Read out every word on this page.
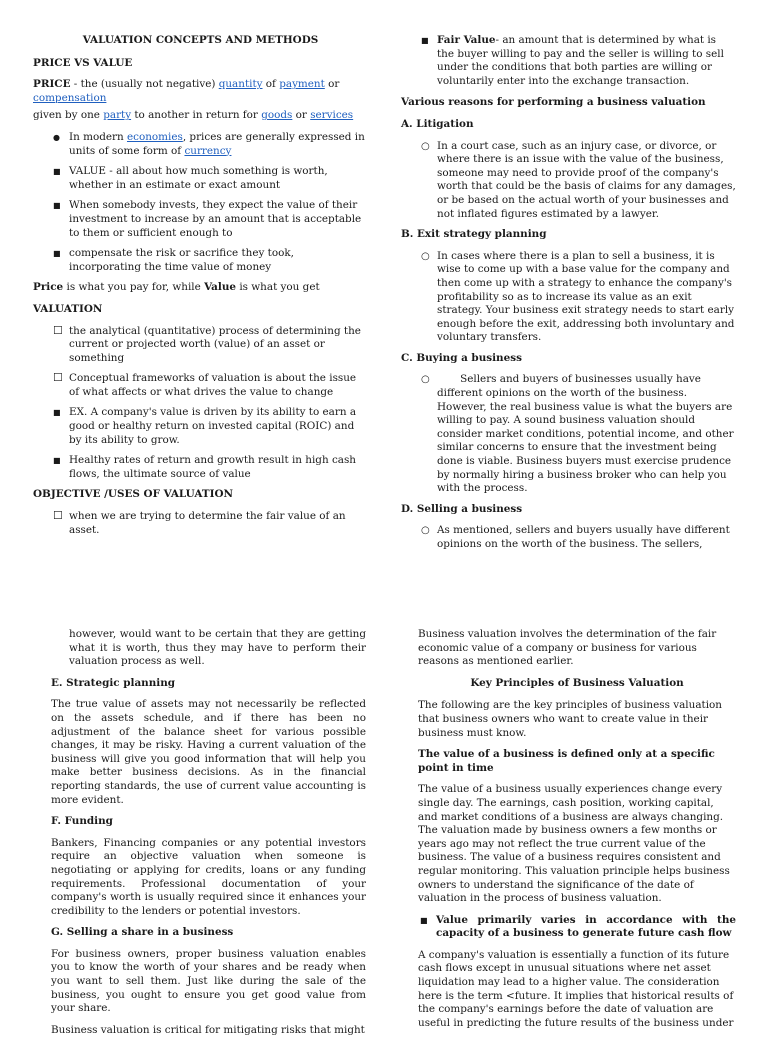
VALUATION CONCEPTS AND METHODS
PRICE VS VALUE

PRICE - the (usually not negative) quantity of payment or compensation

given by one party to another in return for goods or services

● In modern economies, prices are generally expressed in units of some form of currency
■ VALUE - all about how much something is worth, whether in an estimate or exact amount
■ When somebody invests, they expect the value of their investment to increase by an amount that is acceptable to them or sufficient enough to
■ compensate the risk or sacrifice they took, incorporating the time value of money

Price is what you pay for, while Value is what you get

VALUATION
☐ the analytical (quantitative) process of determining the current or projected worth (value) of an asset or something
☐ Conceptual frameworks of valuation is about the issue of what affects or what drives the value to change
■ EX. A company's value is driven by its ability to earn a good or healthy return on invested capital (ROIC) and by its ability to grow.
■ Healthy rates of return and growth result in high cash flows, the ultimate source of value
OBJECTIVE /USES OF VALUATION
☐ when we are trying to determine the fair value of an asset.
■ Fair Value- an amount that is determined by what is the buyer willing to pay and the seller is willing to sell under the conditions that both parties are willing or voluntarily enter into the exchange transaction.
Various reasons for performing a business valuation
A. Litigation
○ In a court case, such as an injury case, or divorce, or where there is an issue with the value of the business, someone may need to provide proof of the company's worth that could be the basis of claims for any damages, or be based on the actual worth of your businesses and not inflated figures estimated by a lawyer.
B. Exit strategy planning
○ In cases where there is a plan to sell a business, it is wise to come up with a base value for the company and then come up with a strategy to enhance the company's profitability so as to increase its value as an exit strategy. Your business exit strategy needs to start early enough before the exit, addressing both involuntary and voluntary transfers.
C. Buying a business
○ Sellers and buyers of businesses usually have different opinions on the worth of the business. However, the real business value is what the buyers are willing to pay. A sound business valuation should consider market conditions, potential income, and other similar concerns to ensure that the investment being done is viable. Business buyers must exercise prudence by normally hiring a business broker who can help you with the process.
D. Selling a business
○ As mentioned, sellers and buyers usually have different opinions on the worth of the business. The sellers,

however, would want to be certain that they are getting what it is worth, thus they may have to perform their valuation process as well.

E. Strategic planning

The true value of assets may not necessarily be reflected on the assets schedule, and if there has been no adjustment of the balance sheet for various possible changes, it may be risky. Having a current valuation of the business will give you good information that will help you make better business decisions. As in the financial reporting standards, the use of current value accounting is more evident.

F. Funding

Bankers, Financing companies or any potential investors require an objective valuation when someone is negotiating or applying for credits, loans or any funding requirements. Professional documentation of your company's worth is usually required since it enhances your credibility to the lenders or potential investors.

G. Selling a share in a business

For business owners, proper business valuation enables you to know the worth of your shares and be ready when you want to sell them. Just like during the sale of the business, you ought to ensure you get good value from your share.

Business valuation is critical for mitigating risks that might

Business valuation involves the determination of the fair economic value of a company or business for various reasons as mentioned earlier.

Key Principles of Business Valuation

The following are the key principles of business valuation that business owners who want to create value in their business must know.

The value of a business is defined only at a specific point in time

The value of a business usually experiences change every single day. The earnings, cash position, working capital, and market conditions of a business are always changing. The valuation made by business owners a few months or years ago may not reflect the true current value of the business. The value of a business requires consistent and regular monitoring. This valuation principle helps business owners to understand the significance of the date of valuation in the process of business valuation.

■ Value primarily varies in accordance with the capacity of a business to generate future cash flow

A company's valuation is essentially a function of its future cash flows except in unusual situations where net asset liquidation may lead to a higher value. The consideration here is the term <future. It implies that historical results of the company's earnings before the date of valuation are useful in predicting the future results of the business under
